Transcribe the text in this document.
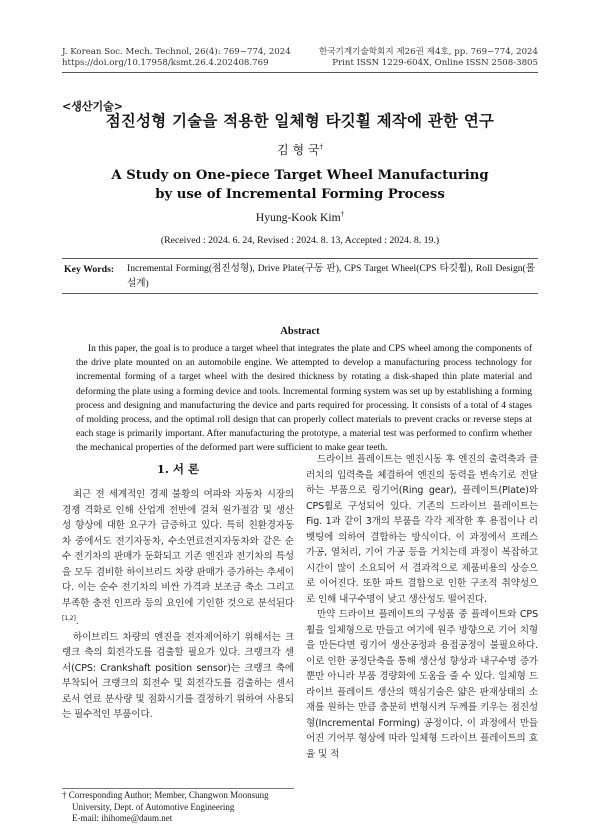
J. Korean Soc. Mech. Technol, 26(4): 769~774, 2024
https://doi.org/10.17958/ksmt.26.4.202408.769
한국기계기술학회지 제26권 제4호, pp. 769~774, 2024
Print ISSN 1229-604X, Online ISSN 2508-3805
<생산기술>
점진성형 기술을 적용한 일체형 타깃휠 제작에 관한 연구
김 형 국†
A Study on One-piece Target Wheel Manufacturing
by use of Incremental Forming Process
Hyung-Kook Kim†
(Received : 2024. 6. 24, Revised : 2024. 8. 13, Accepted : 2024. 8. 19.)
Key Words: Incremental Forming(점진성형), Drive Plate(구동 판), CPS Target Wheel(CPS 타깃휠), Roll Design(롤 설계)
Abstract
In this paper, the goal is to produce a target wheel that integrates the plate and CPS wheel among the components of the drive plate mounted on an automobile engine. We attempted to develop a manufacturing process technology for incremental forming of a target wheel with the desired thickness by rotating a disk-shaped thin plate material and deforming the plate using a forming device and tools. Incremental forming system was set up by establishing a forming process and designing and manufacturing the device and parts required for processing. It consists of a total of 4 stages of molding process, and the optimal roll design that can properly collect materials to prevent cracks or reverse steps at each stage is primarily important. After manufacturing the prototype, a material test was performed to confirm whether the mechanical properties of the deformed part were sufficient to make gear teeth.
1. 서 론

최근 전 세계적인 경제 불황의 여파와 자동차 시장의 경쟁 격화로 인해 산업계 전반에 걸쳐 원가절감 및 생산성 향상에 대한 요구가 급증하고 있다. 특히 친환경자동차 중에서도 전기자동차, 수소연료전지자동차와 같은 순수 전기차의 판매가 둔화되고 기존 엔진과 전기차의 특성을 모두 겸비한 하이브리드 차량 판매가 증가하는 추세이다. 이는 순수 전기차의 비싼 가격과 보조금 축소 그리고 부족한 충전 인프라 등의 요인에 기인한 것으로 분석된다[1,2].

하이브리드 차량의 엔진을 전자제어하기 위해서는 크랭크 축의 회전각도를 검출할 필요가 있다. 크랭크각 센서(CPS: Crankshaft position sensor)는 크랭크 축에 부착되어 크랭크의 회전수 및 회전각도를 검출하는 센서로서 연료 분사량 및 점화시기를 결정하기 위하여 사용되는 필수적인 부품이다.

† Corresponding Author; Member, Changwon Moonsung
University, Dept. of Automotive Engineering
E-mail: ihihome@daum.net

드라이브 플레이트는 엔진시동 후 엔진의 출력축과 클러치의 입력축을 체결하여 엔진의 동력을 변속기로 전달하는 부품으로 링기어(Ring gear), 플레이트(Plate)와 CPS휠로 구성되어 있다. 기존의 드라이브 플레이트는 Fig. 1과 같이 3개의 부품을 각각 제작한 후 용접이나 리벳팅에 의하여 결합하는 방식이다. 이 과정에서 프레스 가공, 열처리, 기어 가공 등을 거치는데 과정이 복잡하고 시간이 많이 소요되어 서 결과적으로 제품비용의 상승으로 이어진다. 또한 파트 결합으로 인한 구조적 취약성으로 인해 내구수명이 낮고 생산성도 떨어진다.

만약 드라이브 플레이트의 구성품 중 플레이트와 CPS휠을 일체형으로 만들고 여기에 원주 방향으로 기어 치형을 만든다면 링기어 생산공정과 용접공정이 불필요하다. 이로 인한 공정단축을 통해 생산성 향상과 내구수명 증가뿐만 아니라 부품 경량화에 도움을 줄 수 있다. 일체형 드라이브 플레이트 생산의 핵심기술은 얇은 판재상태의 소재를 원하는 만큼 충분히 변형시켜 두께를 키우는 점진성형(Incremental Forming) 공정이다. 이 과정에서 만들어진 기어부 형상에 따라 일체형 드라이브 플레이트의 효율 및 적
